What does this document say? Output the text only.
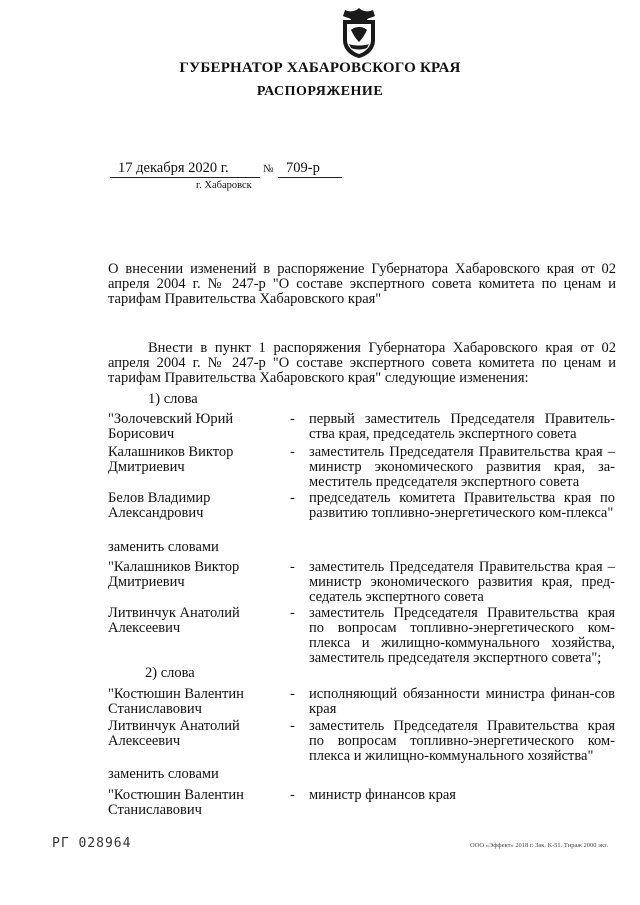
ГУБЕРНАТОР ХАБАРОВСКОГО КРАЯ
РАСПОРЯЖЕНИЕ
17 декабря 2020 г.	№ 709-р
г. Хабаровск
О внесении изменений в распоряжение Губернатора Хабаровского края от 02 апреля 2004 г. № 247-р "О составе экспертного совета комитета по ценам и тарифам Правительства Хабаровского края"
Внести в пункт 1 распоряжения Губернатора Хабаровского края от 02 апреля 2004 г. № 247-р "О составе экспертного совета комитета по ценам и тарифам Правительства Хабаровского края" следующие изменения:
1) слова
"Золочевский Юрий Борисович
- первый заместитель Председателя Правитель-ства края, председатель экспертного совета
Калашников Виктор Дмитриевич
- заместитель Председателя Правительства края – министр экономического развития края, за-меститель председателя экспертного совета
Белов Владимир Александрович
- председатель комитета Правительства края по развитию топливно-энергетического ком-плекса"
заменить словами
"Калашников Виктор Дмитриевич
- заместитель Председателя Правительства края – министр экономического развития края, пред-седатель экспертного совета
Литвинчук Анатолий Алексеевич
- заместитель Председателя Правительства края по вопросам топливно-энергетического ком-плекса и жилищно-коммунального хозяйства, заместитель председателя экспертного совета";
2) слова
"Костюшин Валентин Станиславович
- исполняющий обязанности министра финан-сов края
Литвинчук Анатолий Алексеевич
- заместитель Председателя Правительства края по вопросам топливно-энергетического ком-плекса и жилищно-коммунального хозяйства"
заменить словами
"Костюшин Валентин Станиславович
- министр финансов края
РГ 028964	ООО «Эффект» 2018 г. Зак. К-51. Тираж 2000 экз.
